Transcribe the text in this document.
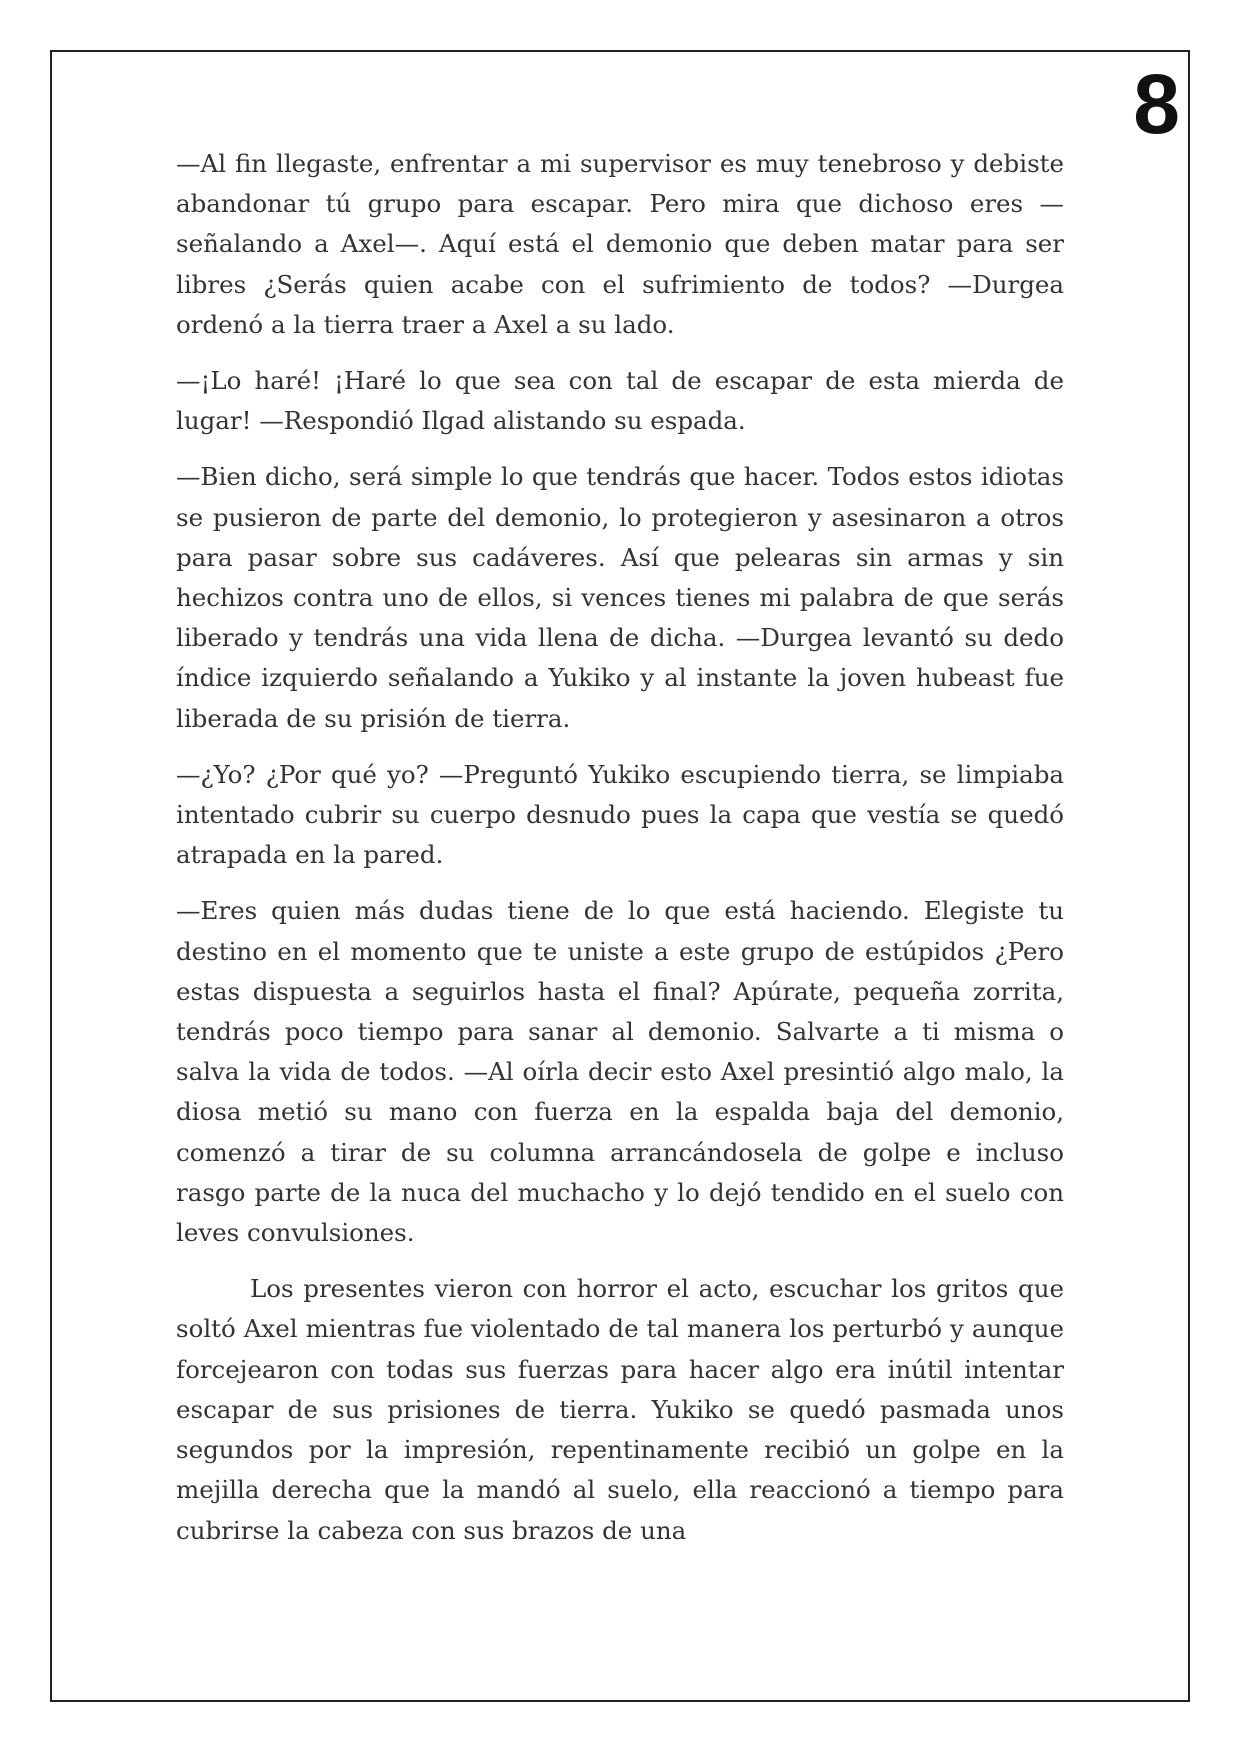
8

—Al fin llegaste, enfrentar a mi supervisor es muy tenebroso y debiste abandonar tú grupo para escapar. Pero mira que dichoso eres —señalando a Axel—. Aquí está el demonio que deben matar para ser libres ¿Serás quien acabe con el sufrimiento de todos? —Durgea ordenó a la tierra traer a Axel a su lado.

—¡Lo haré! ¡Haré lo que sea con tal de escapar de esta mierda de lugar! —Respondió Ilgad alistando su espada.

—Bien dicho, será simple lo que tendrás que hacer. Todos estos idiotas se pusieron de parte del demonio, lo protegieron y asesinaron a otros para pasar sobre sus cadáveres. Así que pelearas sin armas y sin hechizos contra uno de ellos, si vences tienes mi palabra de que serás liberado y tendrás una vida llena de dicha. —Durgea levantó su dedo índice izquierdo señalando a Yukiko y al instante la joven hubeast fue liberada de su prisión de tierra.

—¿Yo? ¿Por qué yo? —Preguntó Yukiko escupiendo tierra, se limpiaba intentado cubrir su cuerpo desnudo pues la capa que vestía se quedó atrapada en la pared.

—Eres quien más dudas tiene de lo que está haciendo. Elegiste tu destino en el momento que te uniste a este grupo de estúpidos ¿Pero estas dispuesta a seguirlos hasta el final? Apúrate, pequeña zorrita, tendrás poco tiempo para sanar al demonio. Salvarte a ti misma o salva la vida de todos. —Al oírla decir esto Axel presintió algo malo, la diosa metió su mano con fuerza en la espalda baja del demonio, comenzó a tirar de su columna arrancándosela de golpe e incluso rasgo parte de la nuca del muchacho y lo dejó tendido en el suelo con leves convulsiones.

Los presentes vieron con horror el acto, escuchar los gritos que soltó Axel mientras fue violentado de tal manera los perturbó y aunque forcejearon con todas sus fuerzas para hacer algo era inútil intentar escapar de sus prisiones de tierra. Yukiko se quedó pasmada unos segundos por la impresión, repentinamente recibió un golpe en la mejilla derecha que la mandó al suelo, ella reaccionó a tiempo para cubrirse la cabeza con sus brazos de una
